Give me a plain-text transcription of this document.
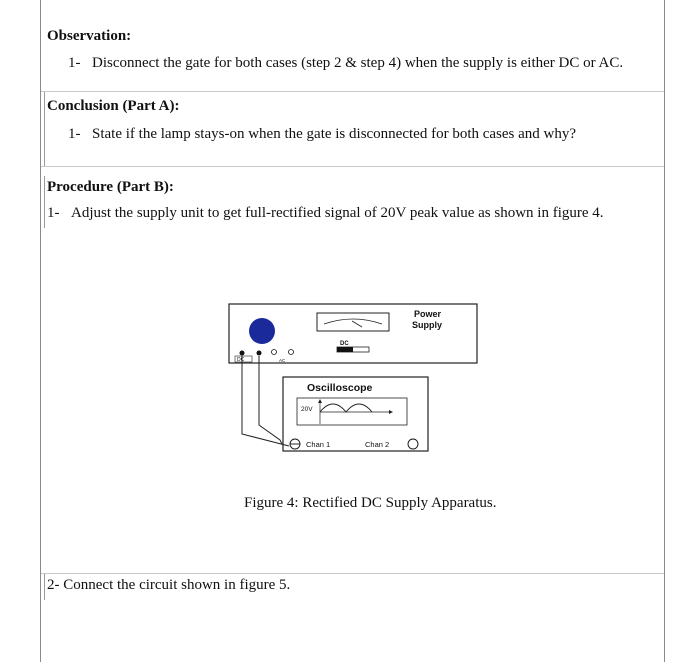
Observation:
1- Disconnect the gate for both cases (step 2 & step 4) when the supply is either DC or AC.
Conclusion (Part A):
1- State if the lamp stays-on when the gate is disconnected for both cases and why?
Procedure (Part B):
1- Adjust the supply unit to get full-rectified signal of 20V peak value as shown in figure 4.
DC
Power
Supply
DC	AC
Oscilloscope
20V
Chan 1	Chan 2
Figure 4: Rectified DC Supply Apparatus.
2- Connect the circuit shown in figure 5.
